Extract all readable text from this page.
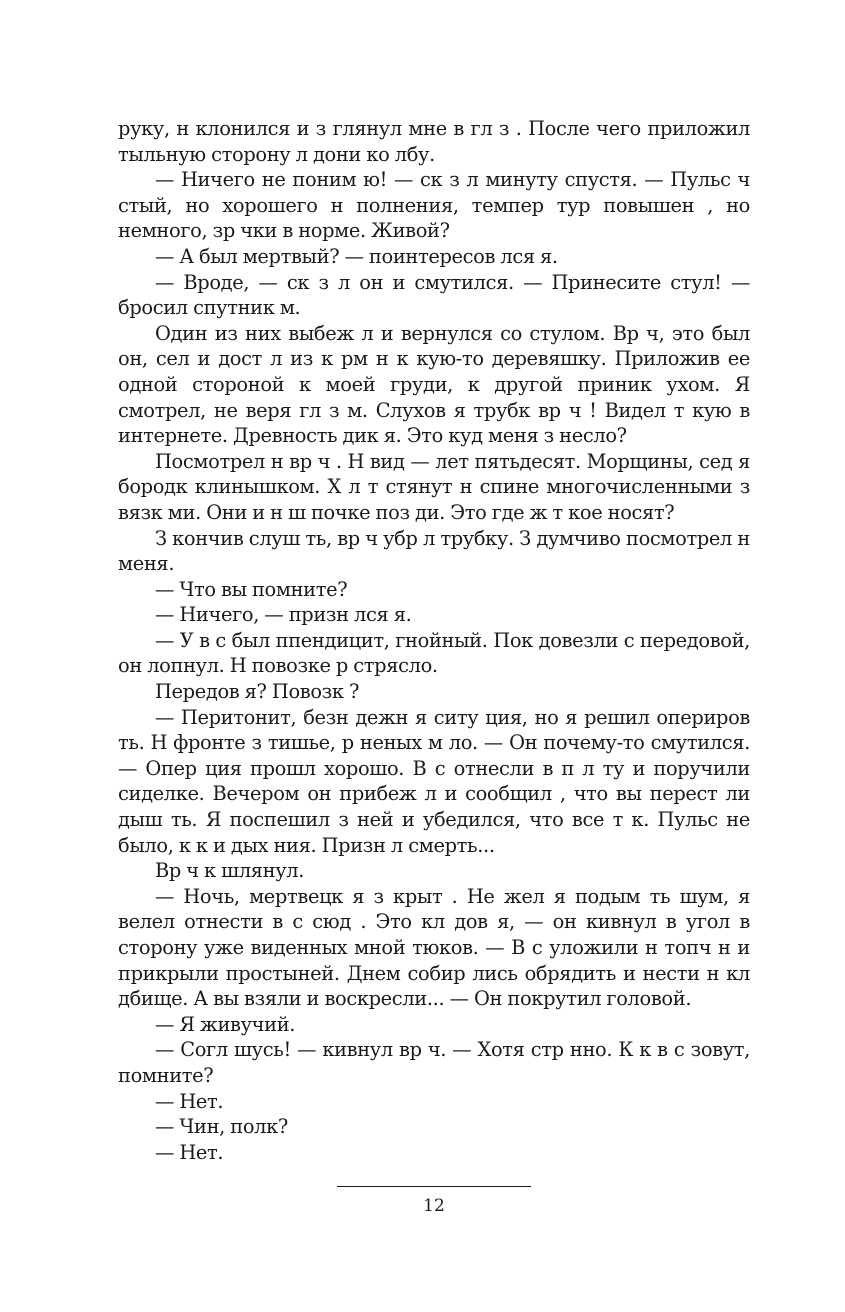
руку, н клонился и з глянул мне в гл з . После чего приложил тыльную сторону л дони ко лбу.

— Ничего не поним ю! — ск з л минуту спустя. — Пульс ч стый, но хорошего н полнения, темпер тур повышен , но немного, зр чки в норме. Живой?

— А был мертвый? — поинтересов лся я.

— Вроде, — ск з л он и смутился. — Принесите стул! — бросил спутник м.

Один из них выбеж л и вернулся со стулом. Вр ч, это был он, сел и дост л из к рм н к кую-то деревяшку. Приложив ее одной стороной к моей груди, к другой приник ухом. Я смотрел, не веря гл з м. Слухов я трубк вр ч ! Видел т кую в интернете. Древность дик я. Это куд меня з несло?

Посмотрел н вр ч . Н вид — лет пятьдесят. Морщины, сед я бородк клинышком. Х л т стянут н спине многочисленными з вязк ми. Они и н ш почке поз ди. Это где ж т кое носят?

З кончив слуш ть, вр ч убр л трубку. З думчиво посмотрел н меня.

— Что вы помните?

— Ничего, — призн лся я.

— У в с был ппендицит, гнойный. Пок довезли с передовой, он лопнул. Н повозке р стрясло.

Передов я? Повозк ?

— Перитонит, безн дежн я ситу ция, но я решил опериров ть. Н фронте з тишье, р неных м ло. — Он почему-то смутился. — Опер ция прошл хорошо. В с отнесли в п л ту и поручили сиделке. Вечером он прибеж л и сообщил , что вы перест ли дыш ть. Я поспешил з ней и убедился, что все т к. Пульс не было, к к и дых ния. Призн л смерть...

Вр ч к шлянул.

— Ночь, мертвецк я з крыт . Не жел я подым ть шум, я велел отнести в с сюд . Это кл дов я, — он кивнул в угол в сторону уже виденных мной тюков. — В с уложили н топч н и прикрыли простыней. Днем собир лись обрядить и нести н кл дбище. А вы взяли и воскресли... — Он покрутил головой.

— Я живучий.

— Согл шусь! — кивнул вр ч. — Хотя стр нно. К к в с зовут, помните?

— Нет.

— Чин, полк?

— Нет.

12
